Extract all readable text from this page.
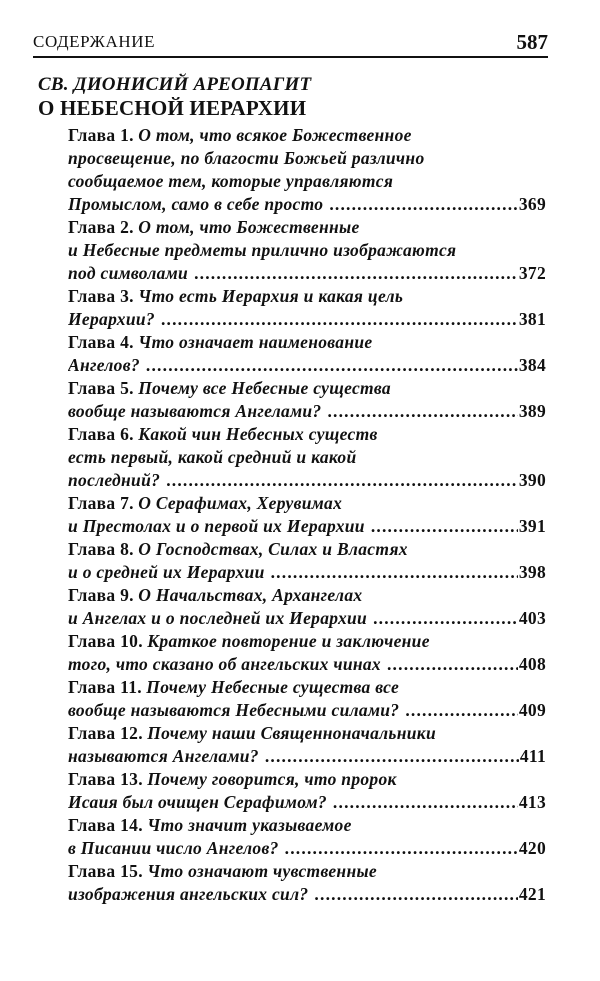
СОДЕРЖАНИЕ	587
СВ. ДИОНИСИЙ АРЕОПАГИТ
О НЕБЕСНОЙ ИЕРАРХИИ
Глава 1. О том, что всякое Божественное
просвещение, по благости Божьей различно
сообщаемое тем, которые управляются
Промыслом, само в себе просто .....	369
Глава 2. О том, что Божественные
и Небесные предметы прилично изображаются
под символами .....	372
Глава 3. Что есть Иерархия и какая цель
Иерархии? .....	381
Глава 4. Что означает наименование
Ангелов? .....	384
Глава 5. Почему все Небесные существа
вообще называются Ангелами? .....	389
Глава 6. Какой чин Небесных существ
есть первый, какой средний и какой
последний? .....	390
Глава 7. О Серафимах, Херувимах
и Престолах и о первой их Иерархии .....	391
Глава 8. О Господствах, Силах и Властях
и о средней их Иерархии .....	398
Глава 9. О Начальствах, Архангелах
и Ангелах и о последней их Иерархии .....	403
Глава 10. Краткое повторение и заключение
того, что сказано об ангельских чинах .....	408
Глава 11. Почему Небесные существа все
вообще называются Небесными силами? .....	409
Глава 12. Почему наши Священноначальники
называются Ангелами? .....	411
Глава 13. Почему говорится, что пророк
Исаия был очищен Серафимом? .....	413
Глава 14. Что значит указываемое
в Писании число Ангелов? .....	420
Глава 15. Что означают чувственные
изображения ангельских сил? .....	421
